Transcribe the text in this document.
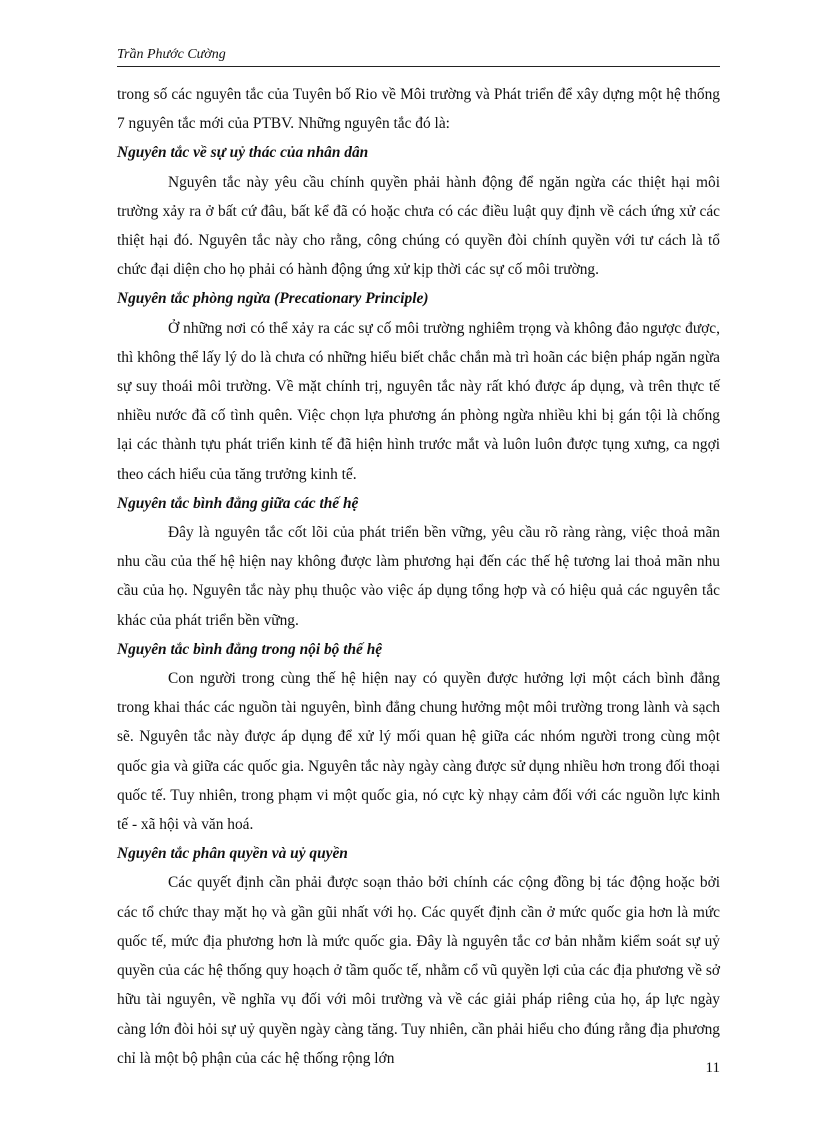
Trần Phước Cường

trong số các nguyên tắc của Tuyên bố Rio về Môi trường và Phát triển để xây dựng một hệ thống 7 nguyên tắc mới của PTBV. Những nguyên tắc đó là:

Nguyên tắc về sự uỷ thác của nhân dân

Nguyên tắc này yêu cầu chính quyền phải hành động để ngăn ngừa các thiệt hại môi trường xảy ra ở bất cứ đâu, bất kể đã có hoặc chưa có các điều luật quy định về cách ứng xử các thiệt hại đó. Nguyên tắc này cho rằng, công chúng có quyền đòi chính quyền với tư cách là tổ chức đại diện cho họ phải có hành động ứng xử kịp thời các sự cố môi trường.

Nguyên tắc phòng ngừa (Precationary Principle)

Ở những nơi có thể xảy ra các sự cố môi trường nghiêm trọng và không đảo ngược được, thì không thể lấy lý do là chưa có những hiểu biết chắc chắn mà trì hoãn các biện pháp ngăn ngừa sự suy thoái môi trường. Về mặt chính trị, nguyên tắc này rất khó được áp dụng, và trên thực tế nhiều nước đã cố tình quên. Việc chọn lựa phương án phòng ngừa nhiều khi bị gán tội là chống lại các thành tựu phát triển kinh tế đã hiện hình trước mắt và luôn luôn được tụng xưng, ca ngợi theo cách hiểu của tăng trưởng kinh tế.

Nguyên tắc bình đẳng giữa các thế hệ

Đây là nguyên tắc cốt lõi của phát triển bền vững, yêu cầu rõ ràng ràng, việc thoả mãn nhu cầu của thế hệ hiện nay không được làm phương hại đến các thế hệ tương lai thoả mãn nhu cầu của họ. Nguyên tắc này phụ thuộc vào việc áp dụng tổng hợp và có hiệu quả các nguyên tắc khác của phát triển bền vững.

Nguyên tắc bình đẳng trong nội bộ thế hệ

Con người trong cùng thế hệ hiện nay có quyền được hưởng lợi một cách bình đẳng trong khai thác các nguồn tài nguyên, bình đẳng chung hưởng một môi trường trong lành và sạch sẽ. Nguyên tắc này được áp dụng để xử lý mối quan hệ giữa các nhóm người trong cùng một quốc gia và giữa các quốc gia. Nguyên tắc này ngày càng được sử dụng nhiều hơn trong đối thoại quốc tế. Tuy nhiên, trong phạm vi một quốc gia, nó cực kỳ nhạy cảm đối với các nguồn lực kinh tế - xã hội và văn hoá.

Nguyên tắc phân quyền và uỷ quyền

Các quyết định cần phải được soạn thảo bởi chính các cộng đồng bị tác động hoặc bởi các tổ chức thay mặt họ và gần gũi nhất với họ. Các quyết định cần ở mức quốc gia hơn là mức quốc tế, mức địa phương hơn là mức quốc gia. Đây là nguyên tắc cơ bản nhằm kiểm soát sự uỷ quyền của các hệ thống quy hoạch ở tầm quốc tế, nhằm cổ vũ quyền lợi của các địa phương về sở hữu tài nguyên, về nghĩa vụ đối với môi trường và về các giải pháp riêng của họ, áp lực ngày càng lớn đòi hỏi sự uỷ quyền ngày càng tăng. Tuy nhiên, cần phải hiểu cho đúng rằng địa phương chỉ là một bộ phận của các hệ thống rộng lớn

11
